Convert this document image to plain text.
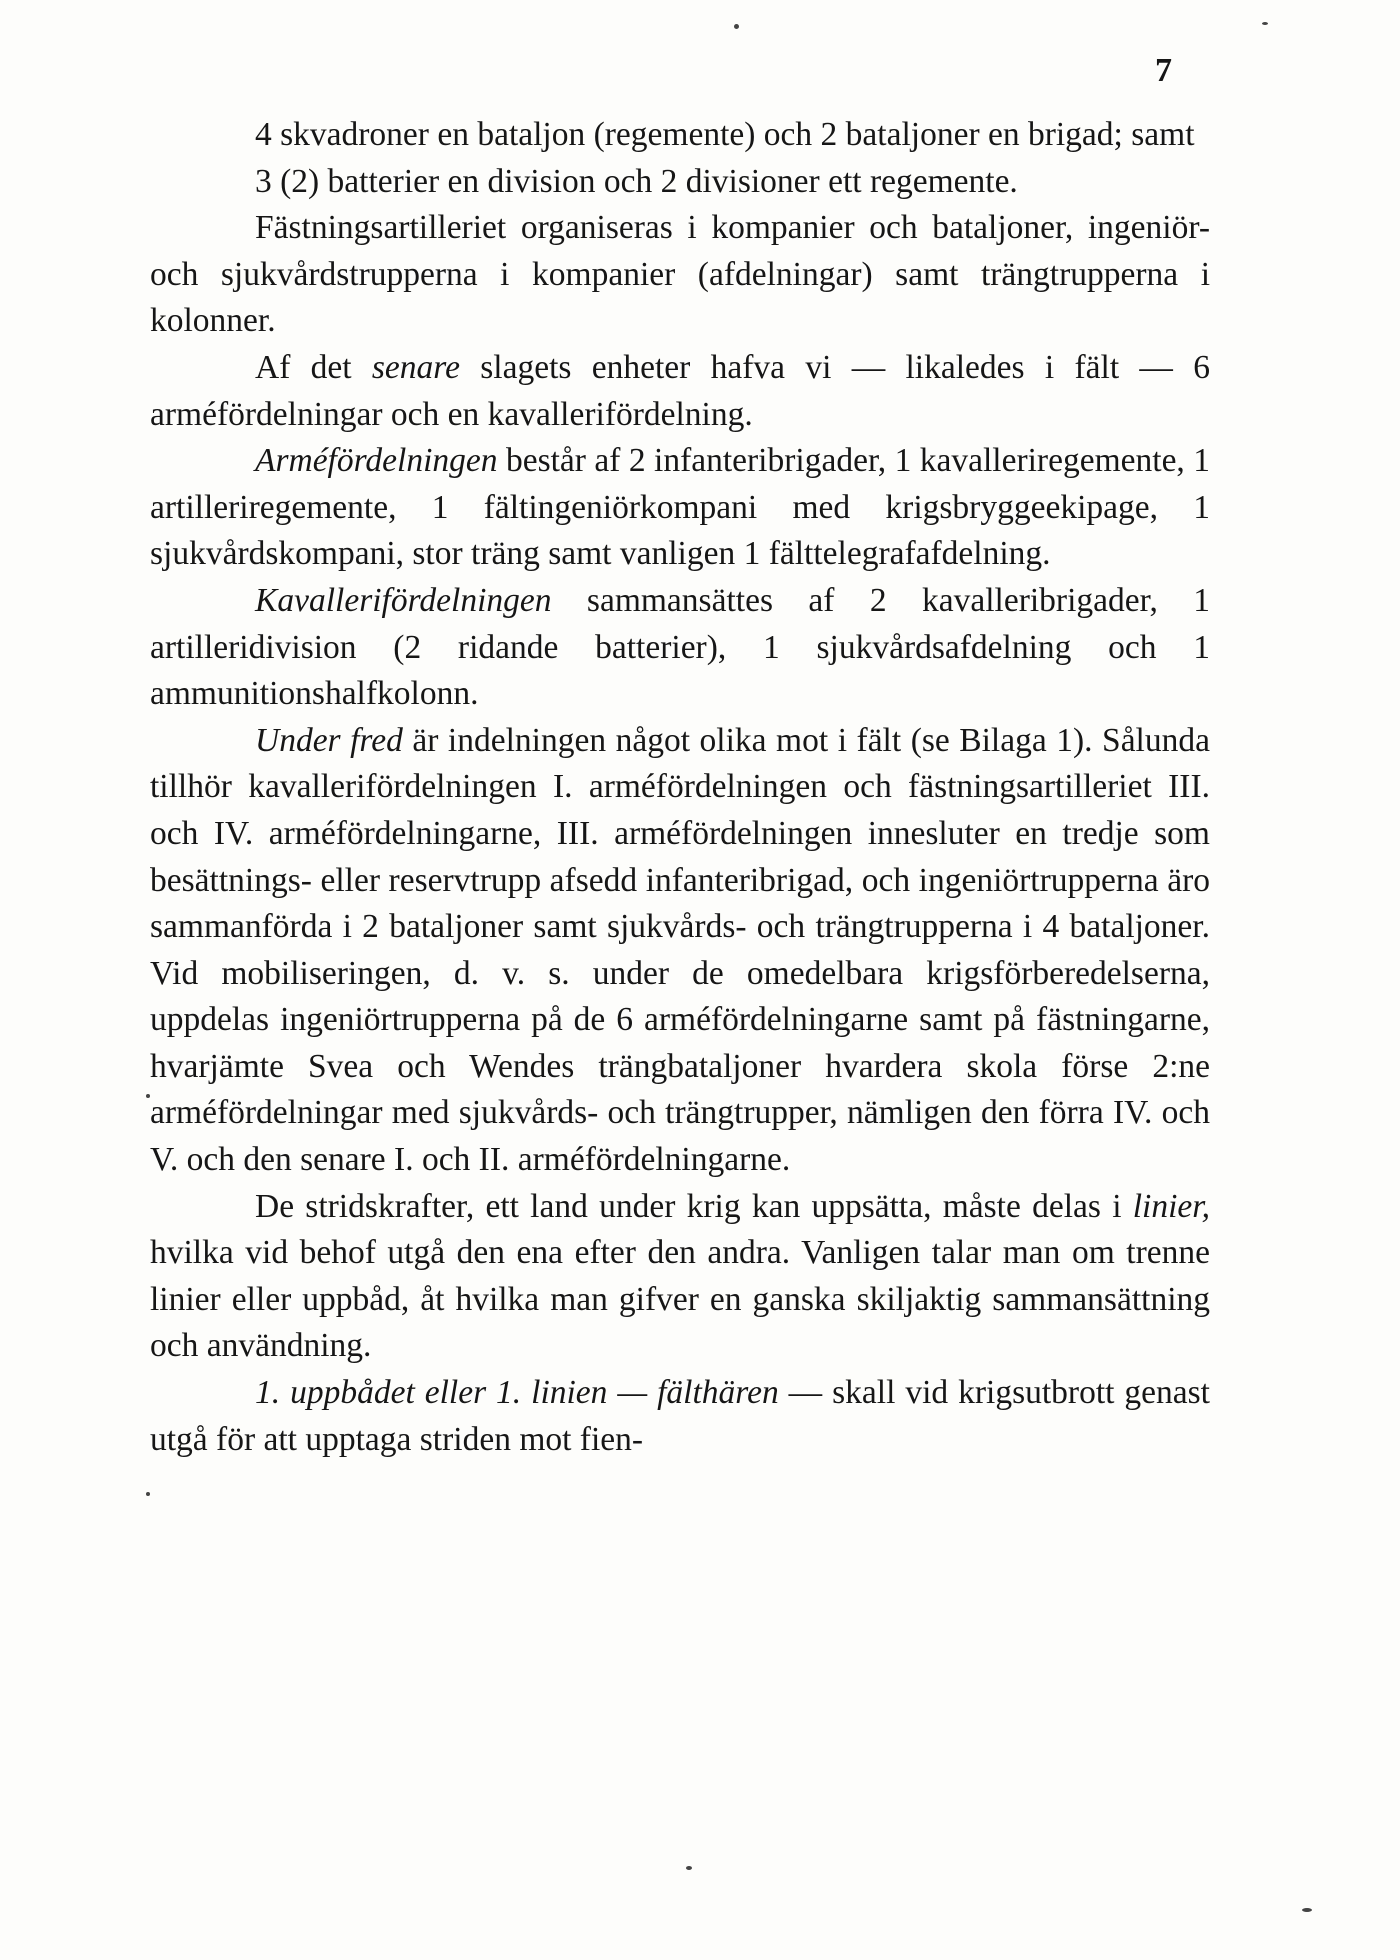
7

4 skvadroner en bataljon (regemente) och 2 bataljoner en brigad; samt

3 (2) batterier en division och 2 divisioner ett regemente.

Fästningsartilleriet organiseras i kompanier och bataljoner, ingeniör- och sjukvårdstrupperna i kompanier (afdelningar) samt trängtrupperna i kolonner.

Af det senare slagets enheter hafva vi — likaledes i fält — 6 arméfördelningar och en kavallerifördelning.

Arméfördelningen består af 2 infanteribrigader, 1 kavalleriregemente, 1 artilleriregemente, 1 fältingeniörkompani med krigsbryggeekipage, 1 sjukvårdskompani, stor träng samt vanligen 1 fälttelegrafafdelning.

Kavallerifördelningen sammansättes af 2 kavalleribrigader, 1 artilleridivision (2 ridande batterier), 1 sjukvårdsafdelning och 1 ammunitionshalfkolonn.

Under fred är indelningen något olika mot i fält (se Bilaga 1). Sålunda tillhör kavallerifördelningen I. arméfördelningen och fästningsartilleriet III. och IV. arméfördelningarne, III. arméfördelningen innesluter en tredje som besättnings- eller reservtrupp afsedd infanteribrigad, och ingeniörtrupperna äro sammanförda i 2 bataljoner samt sjukvårds- och trängtrupperna i 4 bataljoner. Vid mobiliseringen, d. v. s. under de omedelbara krigsförberedelserna, uppdelas ingeniörtrupperna på de 6 arméfördelningarne samt på fästningarne, hvarjämte Svea och Wendes trängbataljoner hvardera skola förse 2:ne arméfördelningar med sjukvårds- och trängtrupper, nämligen den förra IV. och V. och den senare I. och II. arméfördelningarne.

De stridskrafter, ett land under krig kan uppsätta, måste delas i linier, hvilka vid behof utgå den ena efter den andra. Vanligen talar man om trenne linier eller uppbåd, åt hvilka man gifver en ganska skiljaktig sammansättning och användning.

1. uppbådet eller 1. linien — fälthären — skall vid krigsutbrott genast utgå för att upptaga striden mot fien-
